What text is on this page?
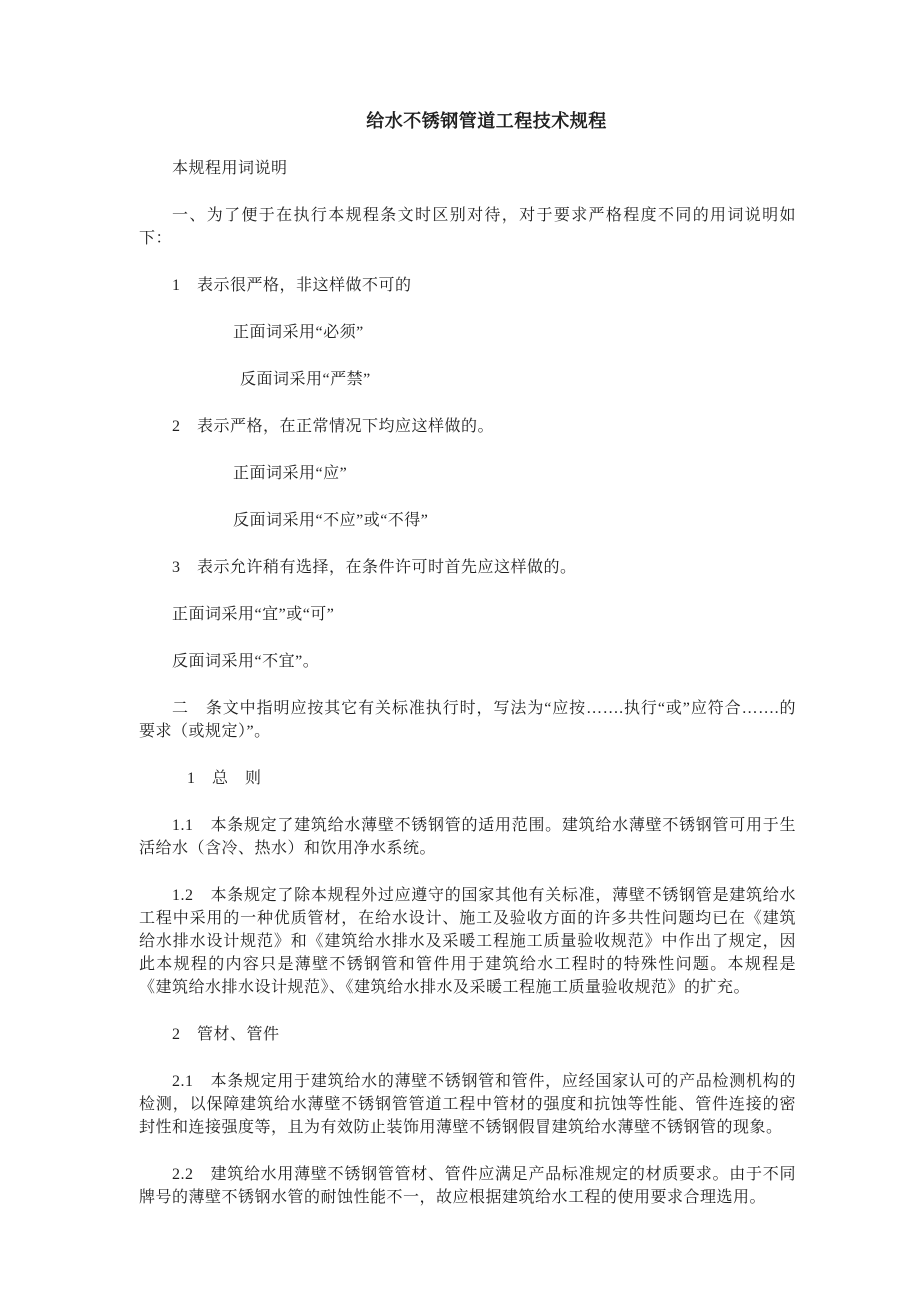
给水不锈钢管道工程技术规程

本规程用词说明

一、为了便于在执行本规程条文时区别对待，对于要求严格程度不同的用词说明如下：

1　表示很严格，非这样做不可的

正面词采用“必须”

反面词采用“严禁”

2　表示严格，在正常情况下均应这样做的。

正面词采用“应”

反面词采用“不应”或“不得”

3　表示允许稍有选择，在条件许可时首先应这样做的。

正面词采用“宜”或“可”

反面词采用“不宜”。

二　条文中指明应按其它有关标准执行时，写法为“应按…….执行“或”应符合…….的要求（或规定）”。

1　总　则

1.1　本条规定了建筑给水薄壁不锈钢管的适用范围。建筑给水薄壁不锈钢管可用于生活给水（含冷、热水）和饮用净水系统。

1.2　本条规定了除本规程外过应遵守的国家其他有关标准，薄壁不锈钢管是建筑给水工程中采用的一种优质管材，在给水设计、施工及验收方面的许多共性问题均已在《建筑给水排水设计规范》和《建筑给水排水及采暖工程施工质量验收规范》中作出了规定，因此本规程的内容只是薄壁不锈钢管和管件用于建筑给水工程时的特殊性问题。本规程是《建筑给水排水设计规范》、《建筑给水排水及采暖工程施工质量验收规范》的扩充。

2　管材、管件

2.1　本条规定用于建筑给水的薄壁不锈钢管和管件，应经国家认可的产品检测机构的检测，以保障建筑给水薄壁不锈钢管管道工程中管材的强度和抗蚀等性能、管件连接的密封性和连接强度等，且为有效防止装饰用薄壁不锈钢假冒建筑给水薄壁不锈钢管的现象。

2.2　建筑给水用薄壁不锈钢管管材、管件应满足产品标准规定的材质要求。由于不同牌号的薄壁不锈钢水管的耐蚀性能不一，故应根据建筑给水工程的使用要求合理选用。
